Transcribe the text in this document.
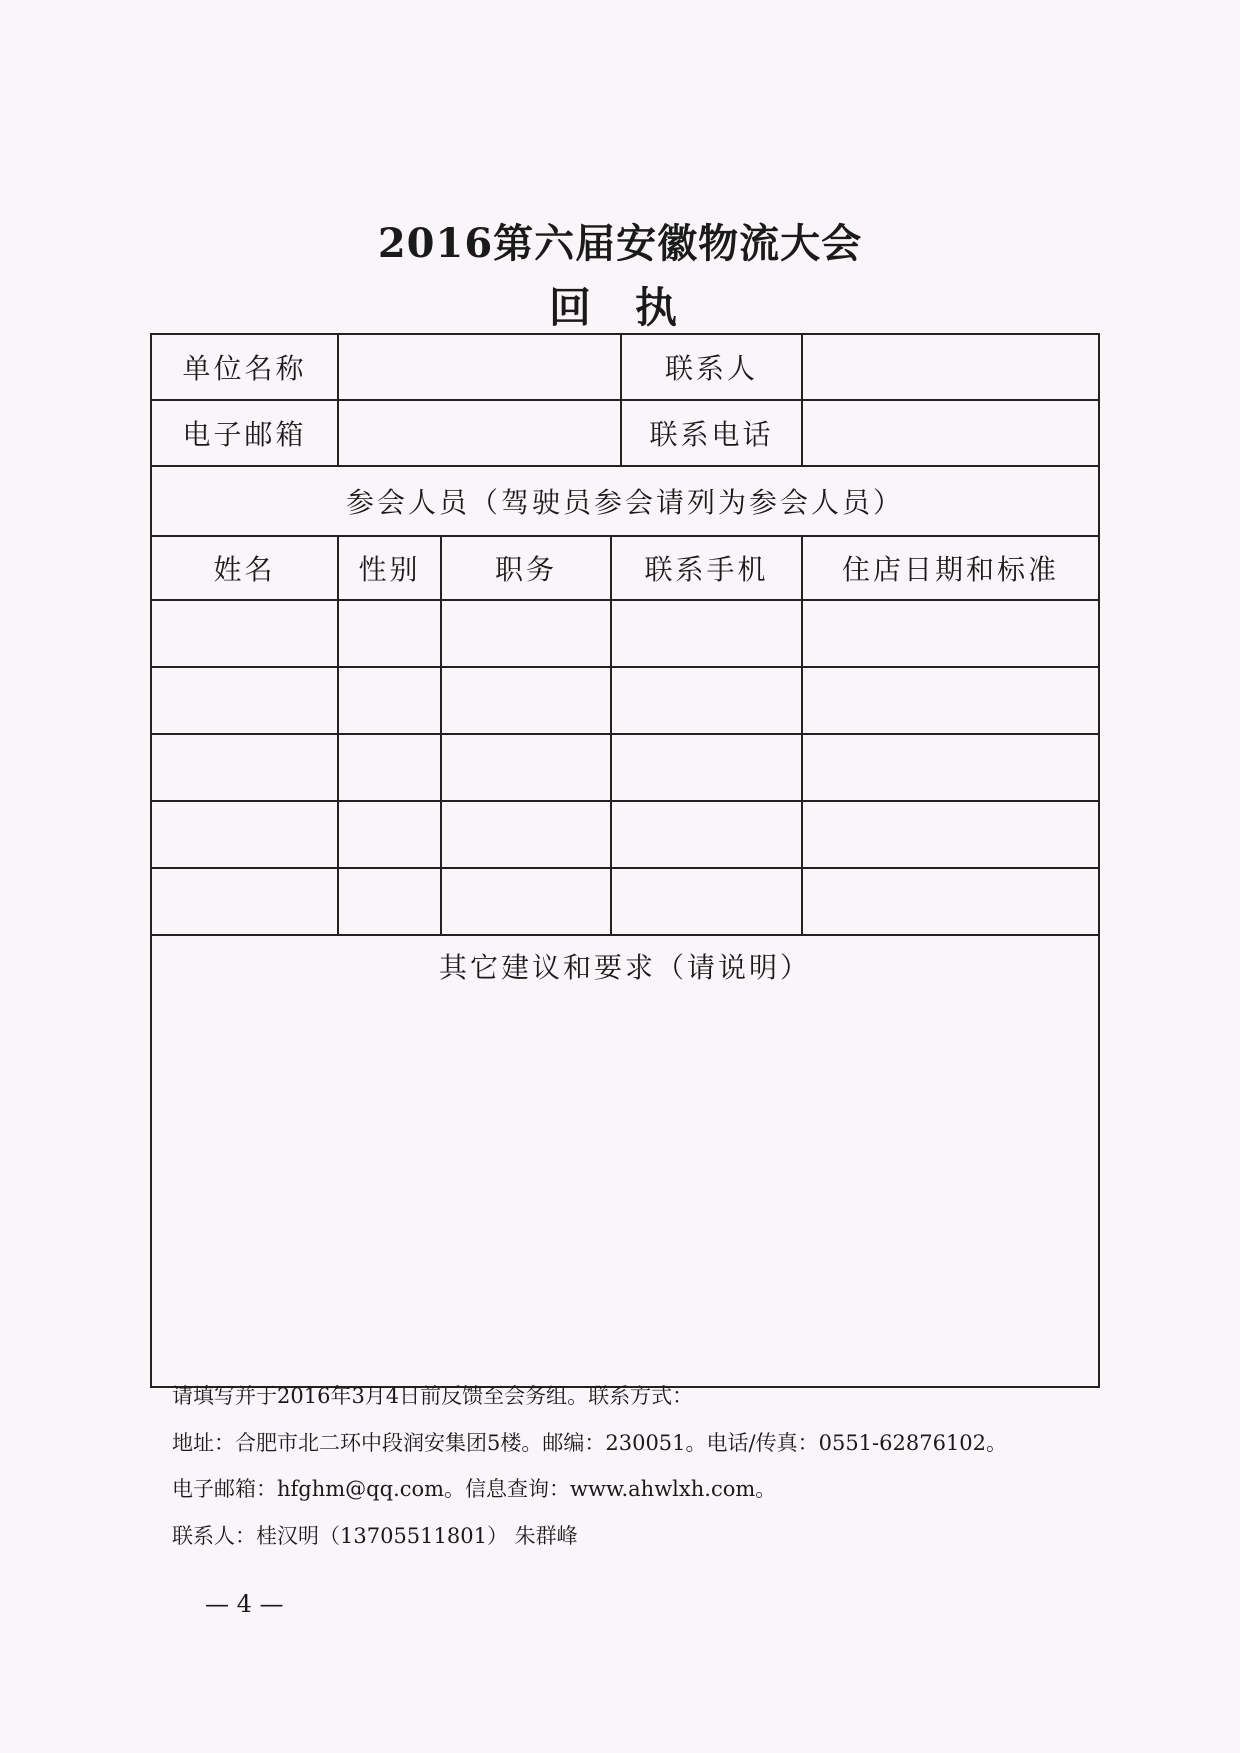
2016第六届安徽物流大会
回执
单位名称				联系人	
电子邮箱				联系电话	
参会人员（驾驶员参会请列为参会人员）					
姓名	性别	职务	联系手机		住店日期和标准

其它建议和要求（请说明）					

请填写并于2016年3月4日前反馈至会务组。联系方式：
地址：合肥市北二环中段润安集团5楼。邮编：230051。电话/传真：0551-62876102。
电子邮箱：hfghm@qq.com。信息查询：www.ahwlxh.com。
联系人：桂汉明（13705511801） 朱群峰
— 4 —
